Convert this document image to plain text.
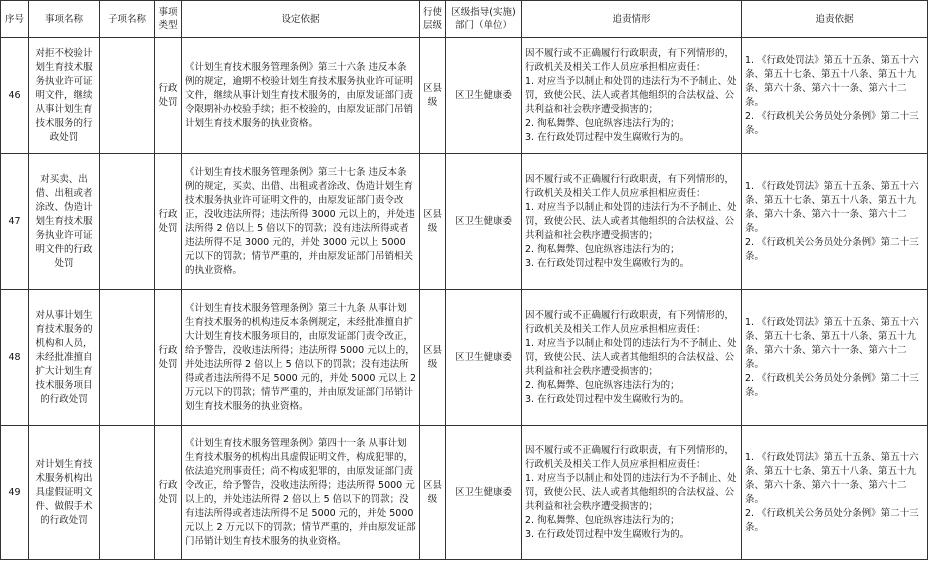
序号	事项名称	子项名称	事项类型	设定依据	行使层级	区级指导(实施)部门（单位）	追责情形	追责依据
46	对拒不校验计划生育技术服务执业许可证明文件，继续从事计划生育技术服务的行政处罚		行政处罚	《计划生育技术服务管理条例》第三十六条 违反本条例的规定，逾期不校验计划生育技术服务执业许可证明文件，继续从事计划生育技术服务的，由原发证部门责令限期补办校验手续；拒不校验的，由原发证部门吊销计划生育技术服务的执业资格。	区县级	区卫生健康委	因不履行或不正确履行行政职责，有下列情形的，行政机关及相关工作人员应承担相应责任：
1. 对应当予以制止和处罚的违法行为不予制止、处罚，致使公民、法人或者其他组织的合法权益、公共利益和社会秩序遭受损害的；
2. 徇私舞弊、包庇纵容违法行为的；
3. 在行政处罚过程中发生腐败行为的。	1. 《行政处罚法》第五十五条、第五十六条、第五十七条、第五十八条、第五十九条、第六十条、第六十一条、第六十二条。
2. 《行政机关公务员处分条例》第二十三条。

47	对买卖、出借、出租或者涂改、伪造计划生育技术服务执业许可证明文件的行政处罚		行政处罚	《计划生育技术服务管理条例》第三十七条 违反本条例的规定，买卖、出借、出租或者涂改、伪造计划生育技术服务执业许可证明文件的，由原发证部门责令改正，没收违法所得；违法所得 3000 元以上的，并处违法所得 2 倍以上 5 倍以下的罚款；没有违法所得或者违法所得不足 3000 元的，并处 3000 元以上 5000 元以下的罚款；情节严重的，并由原发证部门吊销相关的执业资格。	区县级	区卫生健康委	因不履行或不正确履行行政职责，有下列情形的，行政机关及相关工作人员应承担相应责任：
1. 对应当予以制止和处罚的违法行为不予制止、处罚，致使公民、法人或者其他组织的合法权益、公共利益和社会秩序遭受损害的；
2. 徇私舞弊、包庇纵容违法行为的；
3. 在行政处罚过程中发生腐败行为的。	1. 《行政处罚法》第五十五条、第五十六条、第五十七条、第五十八条、第五十九条、第六十条、第六十一条、第六十二条。
2. 《行政机关公务员处分条例》第二十三条。

48	对从事计划生育技术服务的机构和人员，未经批准擅自扩大计划生育技术服务项目的行政处罚		行政处罚	《计划生育技术服务管理条例》第三十九条 从事计划生育技术服务的机构违反本条例规定，未经批准擅自扩大计划生育技术服务项目的，由原发证部门责令改正，给予警告，没收违法所得；违法所得 5000 元以上的，并处违法所得 2 倍以上 5 倍以下的罚款；没有违法所得或者违法所得不足 5000 元的，并处 5000 元以上 2 万元以下的罚款；情节严重的，并由原发证部门吊销计划生育技术服务的执业资格。	区县级	区卫生健康委	因不履行或不正确履行行政职责，有下列情形的，行政机关及相关工作人员应承担相应责任：
1. 对应当予以制止和处罚的违法行为不予制止、处罚，致使公民、法人或者其他组织的合法权益、公共利益和社会秩序遭受损害的；
2. 徇私舞弊、包庇纵容违法行为的；
3. 在行政处罚过程中发生腐败行为的。	1. 《行政处罚法》第五十五条、第五十六条、第五十七条、第五十八条、第五十九条、第六十条、第六十一条、第六十二条。
2. 《行政机关公务员处分条例》第二十三条。

49	对计划生育技术服务机构出具虚假证明文件、做假手术的行政处罚		行政处罚	《计划生育技术服务管理条例》第四十一条 从事计划生育技术服务的机构出具虚假证明文件，构成犯罪的，依法追究刑事责任；尚不构成犯罪的，由原发证部门责令改正，给予警告，没收违法所得；违法所得 5000 元以上的，并处违法所得 2 倍以上 5 倍以下的罚款；没有违法所得或者违法所得不足 5000 元的，并处 5000 元以上 2 万元以下的罚款；情节严重的，并由原发证部门吊销计划生育技术服务的执业资格。	区县级	区卫生健康委	因不履行或不正确履行行政职责，有下列情形的，行政机关及相关工作人员应承担相应责任：
1. 对应当予以制止和处罚的违法行为不予制止、处罚，致使公民、法人或者其他组织的合法权益、公共利益和社会秩序遭受损害的；
2. 徇私舞弊、包庇纵容违法行为的；
3. 在行政处罚过程中发生腐败行为的。	1. 《行政处罚法》第五十五条、第五十六条、第五十七条、第五十八条、第五十九条、第六十条、第六十一条、第六十二条。
2. 《行政机关公务员处分条例》第二十三条。
